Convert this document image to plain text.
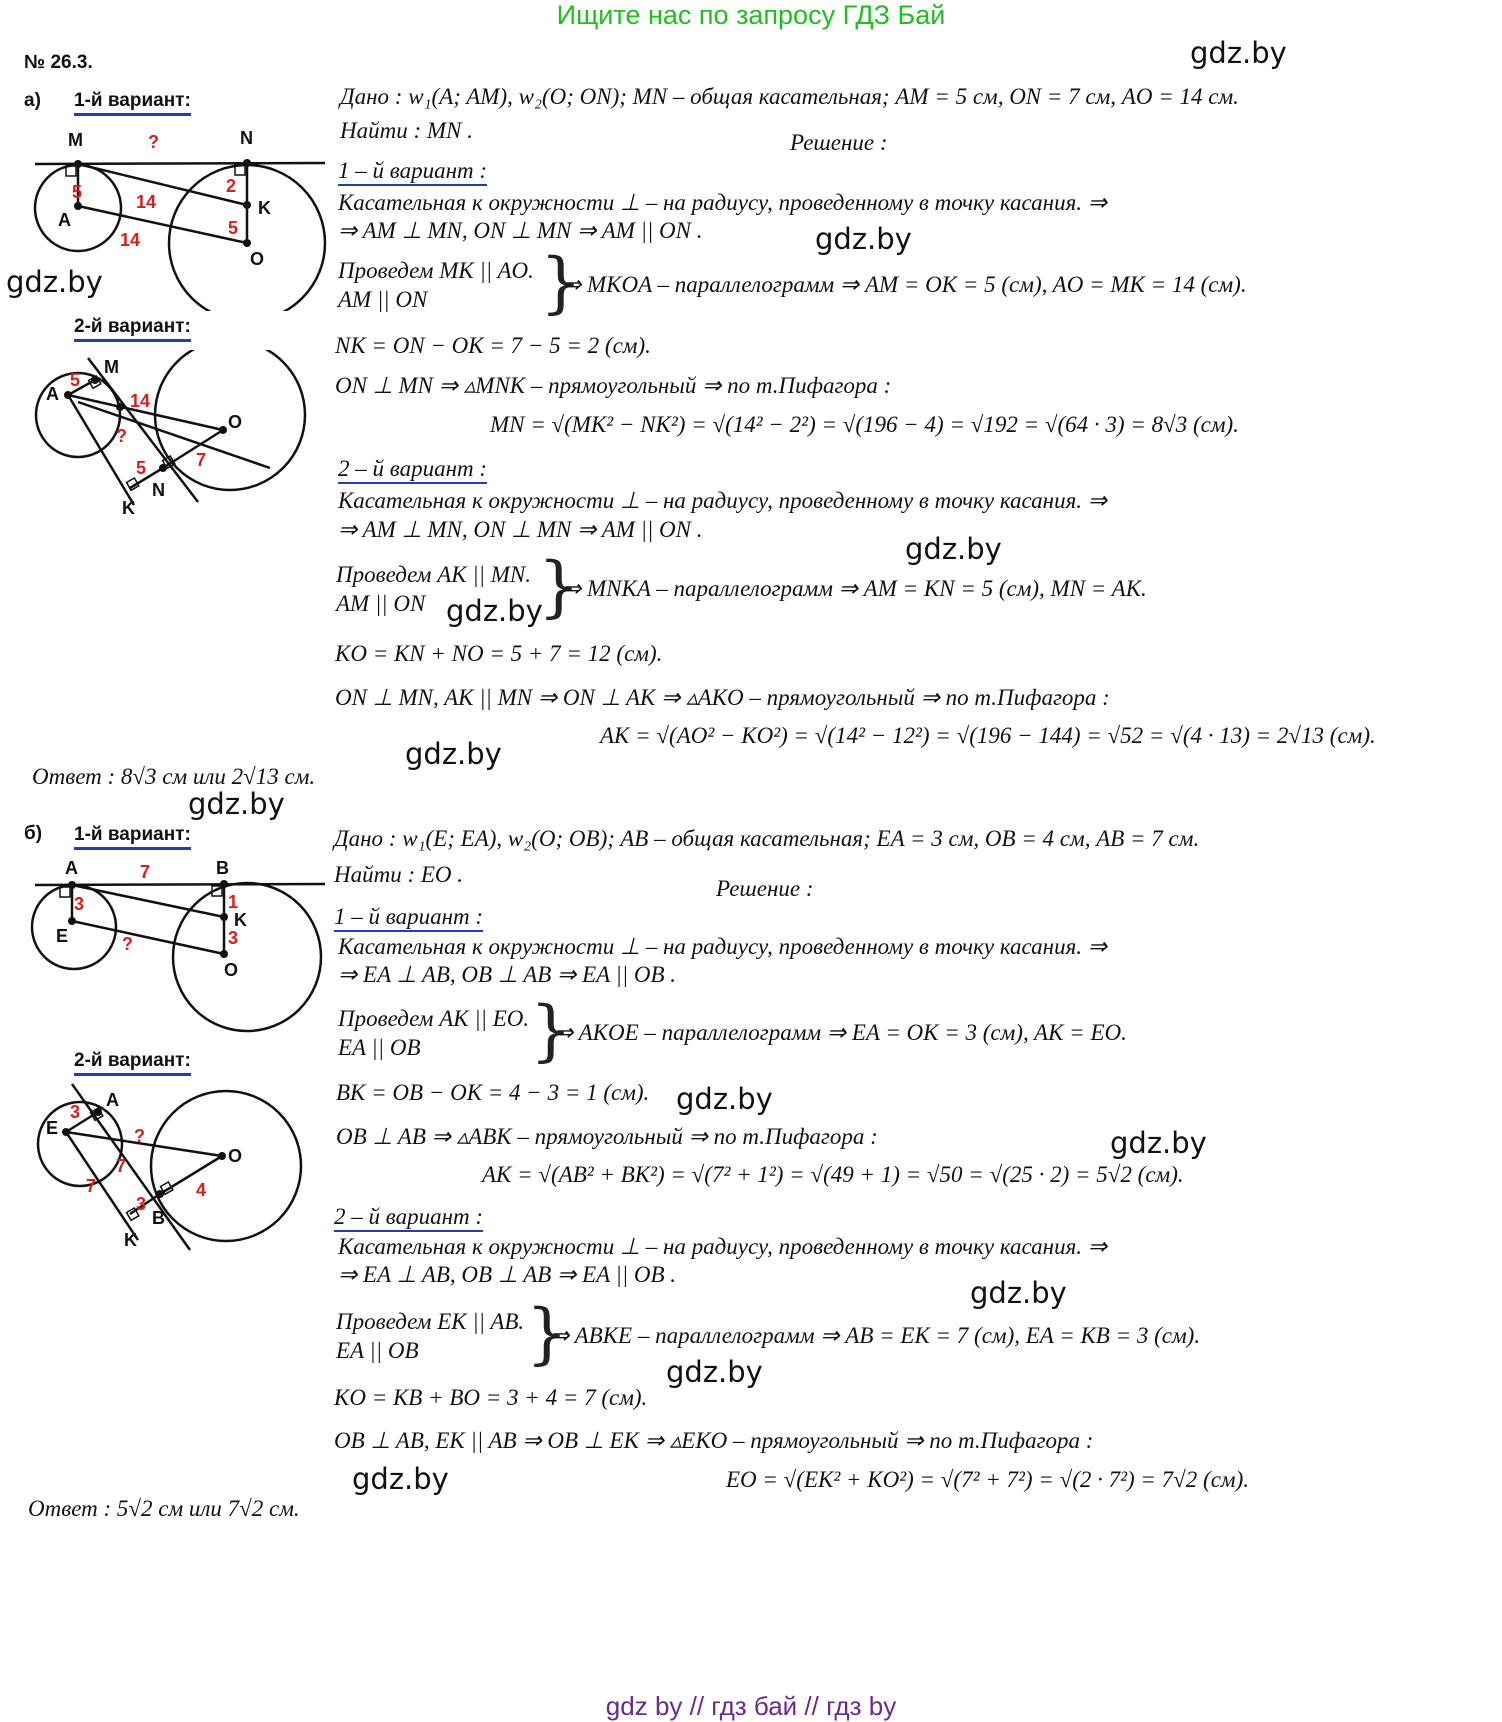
Ищите нас по запросу ГДЗ Бай
№ 26.3.
а) 1-й вариант:
M	N
A
K
O
?
5	14
14
2
5
gdz.by
2-й вариант:
A
M
O
N
K
5
14
?
5	7
Дано : w₁(A; AM), w₂(O; ON); MN – общая касательная; AM = 5 см, ON = 7 см, AO = 14 см.
Найти : MN .	Решение :
1 – й вариант :
Касательная к окружности ⊥ – на радиусу, проведенному в точку касания. ⇒
⇒ AM ⊥ MN, ON ⊥ MN ⇒ AM || ON .	gdz.by
Проведем MK || AO.
AM || ON }
⇒ MKOA – параллелограмм ⇒ AM = OK = 5 (см), AO = MK = 14 (см).
NK = ON − OK = 7 − 5 = 2 (см).
ON ⊥ MN ⇒ ▵MNK – прямоугольный ⇒ по т.Пифагора :
MN = √(MK² − NK²) = √(14² − 2²) = √(196 − 4) = √192 = √(64 · 3) = 8√3 (см).
2 – й вариант :
Касательная к окружности ⊥ – на радиусу, проведенному в точку касания. ⇒
⇒ AM ⊥ MN, ON ⊥ MN ⇒ AM || ON .
gdz.by
Проведем AK || MN.
AM || ON gdz.by
}
⇒ MNKA – параллелограмм ⇒ AM = KN = 5 (см), MN = AK.
KO = KN + NO = 5 + 7 = 12 (см).
ON ⊥ MN, AK || MN ⇒ ON ⊥ AK ⇒ ▵AKO – прямоугольный ⇒ по т.Пифагора :
AK = √(AO² − KO²) = √(14² − 12²) = √(196 − 144) = √52 = √(4 · 13) = 2√13 (см).
gdz.by
Ответ : 8√3 см или 2√13 см.
gdz.by
б) 1-й вариант:
A	B
E
K
O
7
3
?
1
3
2-й вариант:
E
A
O
B
K
3
?
7
7
3
4
Дано : w₁(E; EA), w₂(O; OB); AB – общая касательная; EA = 3 см, OB = 4 см, AB = 7 см.
Найти : EO .
Решение :
1 – й вариант :
Касательная к окружности ⊥ – на радиусу, проведенному в точку касания. ⇒
⇒ EA ⊥ AB, OB ⊥ AB ⇒ EA || OB .
Проведем AK || EO.
EA || OB }
⇒ AKOE – параллелограмм ⇒ EA = OK = 3 (см), AK = EO.
BK = OB − OK = 4 − 3 = 1 (см). gdz.by
OB ⊥ AB ⇒ ▵ABK – прямоугольный ⇒ по т.Пифагора :	gdz.by
AK = √(AB² + BK²) = √(7² + 1²) = √(49 + 1) = √50 = √(25 · 2) = 5√2 (см).
2 – й вариант :
Касательная к окружности ⊥ – на радиусу, проведенному в точку касания. ⇒
⇒ EA ⊥ AB, OB ⊥ AB ⇒ EA || OB .
gdz.by
Проведем EK || AB.
EA || OB }
⇒ ABKE – параллелограмм ⇒ AB = EK = 7 (см), EA = KB = 3 (см).
gdz.by
KO = KB + BO = 3 + 4 = 7 (см).
OB ⊥ AB, EK || AB ⇒ OB ⊥ EK ⇒ ▵EKO – прямоугольный ⇒ по т.Пифагора :
EO = √(EK² + KO²) = √(7² + 7²) = √(2 · 7²) = 7√2 (см).
gdz.by
Ответ : 5√2 см или 7√2 см.
gdz.by
gdz by // гдз бай // гдз by
